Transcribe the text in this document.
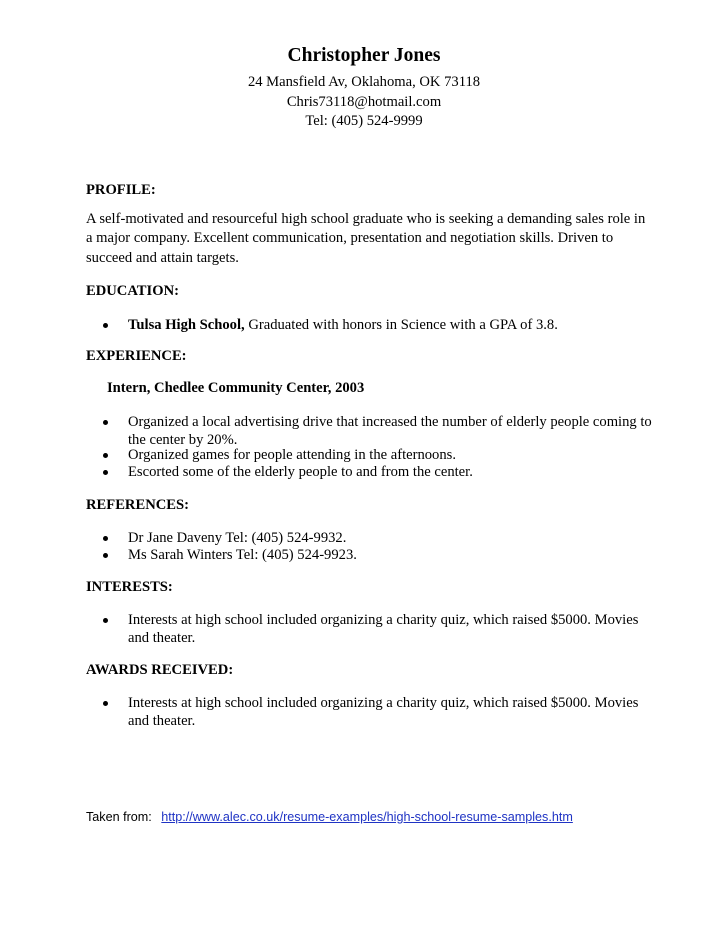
Christopher Jones
24 Mansfield Av, Oklahoma, OK 73118
Chris73118@hotmail.com
Tel: (405) 524-9999
PROFILE:
A self-motivated and resourceful high school graduate who is seeking a demanding sales role in a major company. Excellent communication, presentation and negotiation skills. Driven to succeed and attain targets.
EDUCATION:
Tulsa High School, Graduated with honors in Science with a GPA of 3.8.
EXPERIENCE:
Intern, Chedlee Community Center, 2003
Organized a local advertising drive that increased the number of elderly people coming to the center by 20%.
Organized games for people attending in the afternoons.
Escorted some of the elderly people to and from the center.
REFERENCES:
Dr Jane Daveny Tel: (405) 524-9932.
Ms Sarah Winters Tel: (405) 524-9923.
INTERESTS:
Interests at high school included organizing a charity quiz, which raised $5000. Movies and theater.
AWARDS RECEIVED:
Interests at high school included organizing a charity quiz, which raised $5000. Movies and theater.
Taken from: http://www.alec.co.uk/resume-examples/high-school-resume-samples.htm
